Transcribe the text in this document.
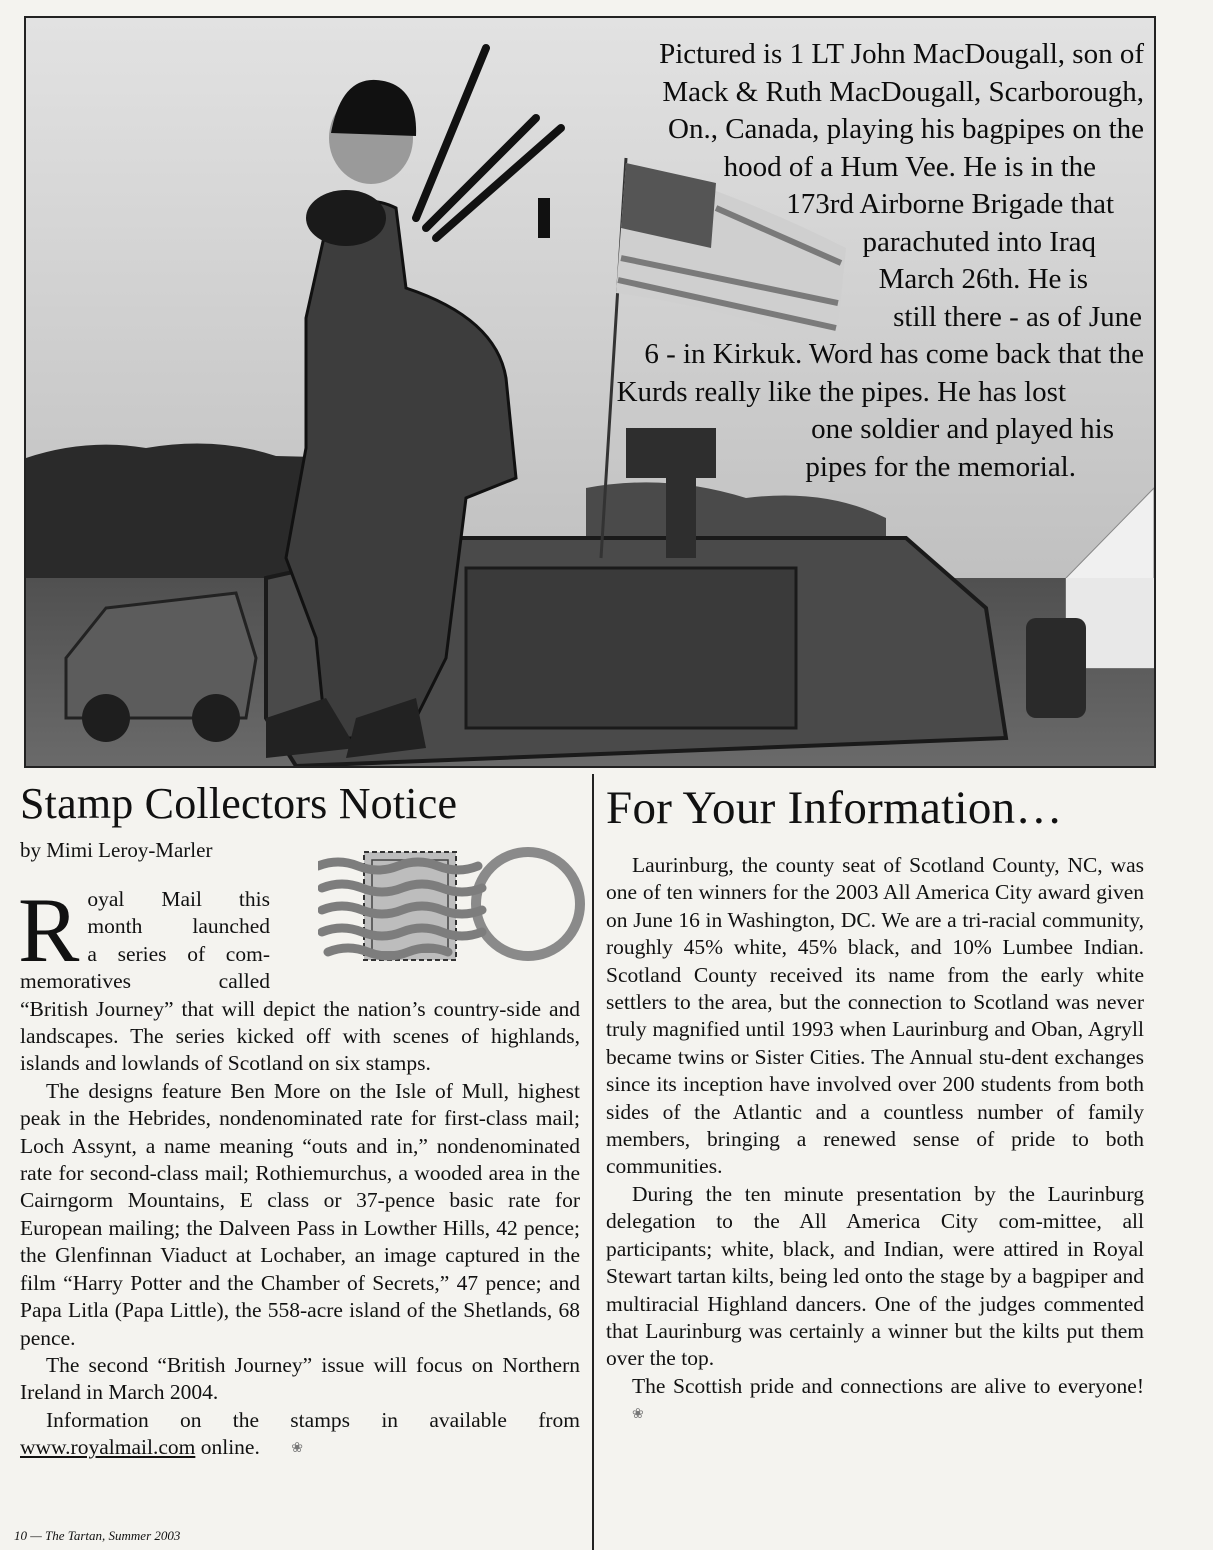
Pictured is 1 LT John MacDougall, son of
Mack & Ruth MacDougall, Scarborough,
On., Canada, playing his bagpipes on the
hood of a Hum Vee. He is in the
173rd Airborne Brigade that
parachuted into Iraq
March 26th. He is
still there - as of June
6 - in Kirkuk. Word has come back that the
Kurds really like the pipes. He has lost
one soldier and played his
pipes for the memorial.
Stamp Collectors Notice
by Mimi Leroy-Marler
R oyal Mail this
month launched
a series of com-
memoratives called

“British Journey” that will depict the nation’s country-side and landscapes. The series kicked off with scenes of highlands, islands and lowlands of Scotland on six stamps.

The designs feature Ben More on the Isle of Mull, highest peak in the Hebrides, nondenominated rate for first-class mail; Loch Assynt, a name meaning “outs and in,” nondenominated rate for second-class mail; Rothiemurchus, a wooded area in the Cairngorm Mountains, E class or 37-pence basic rate for European mailing; the Dalveen Pass in Lowther Hills, 42 pence; the Glenfinnan Viaduct at Lochaber, an image captured in the film “Harry Potter and the Chamber of Secrets,” 47 pence; and Papa Litla (Papa Little), the 558-acre island of the Shetlands, 68 pence.

The second “British Journey” issue will focus on Northern Ireland in March 2004.

Information on the stamps in available from www.royalmail.com online. ❀

For Your Information…

Laurinburg, the county seat of Scotland County, NC, was one of ten winners for the 2003 All America City award given on June 16 in Washington, DC. We are a tri-racial community, roughly 45% white, 45% black, and 10% Lumbee Indian. Scotland County received its name from the early white settlers to the area, but the connection to Scotland was never truly magnified until 1993 when Laurinburg and Oban, Agryll became twins or Sister Cities. The Annual stu-dent exchanges since its inception have involved over 200 students from both sides of the Atlantic and a countless number of family members, bringing a renewed sense of pride to both communities.

During the ten minute presentation by the Laurinburg delegation to the All America City com-mittee, all participants; white, black, and Indian, were attired in Royal Stewart tartan kilts, being led onto the stage by a bagpiper and multiracial Highland dancers. One of the judges commented that Laurinburg was certainly a winner but the kilts put them over the top.

The Scottish pride and connections are alive to everyone! ❀

10 — The Tartan, Summer 2003
